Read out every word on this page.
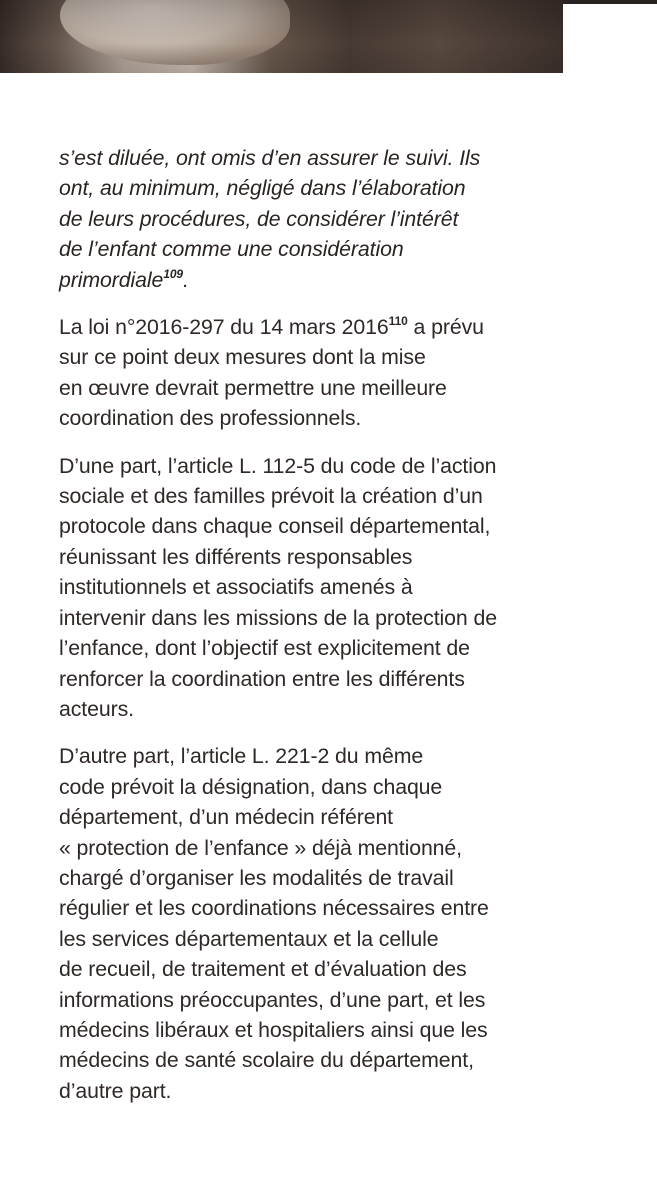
s’est diluée, ont omis d’en assurer le suivi. Ils
ont, au minimum, négligé dans l’élaboration
de leurs procédures, de considérer l’intérêt
de l’enfant comme une considération
primordiale$^{109}$.

La loi n°2016-297 du 14 mars 2016$^{110}$ a prévu
sur ce point deux mesures dont la mise
en œuvre devrait permettre une meilleure
coordination des professionnels.

D’une part, l’article L. 112-5 du code de l’action
sociale et des familles prévoit la création d’un
protocole dans chaque conseil départemental,
réunissant les différents responsables
institutionnels et associatifs amenés à
intervenir dans les missions de la protection de
l’enfance, dont l’objectif est explicitement de
renforcer la coordination entre les différents
acteurs.

D’autre part, l’article L. 221-2 du même
code prévoit la désignation, dans chaque
département, d’un médecin référent
« protection de l’enfance » déjà mentionné,
chargé d’organiser les modalités de travail
régulier et les coordinations nécessaires entre
les services départementaux et la cellule
de recueil, de traitement et d’évaluation des
informations préoccupantes, d’une part, et les
médecins libéraux et hospitaliers ainsi que les
médecins de santé scolaire du département,
d’autre part.
